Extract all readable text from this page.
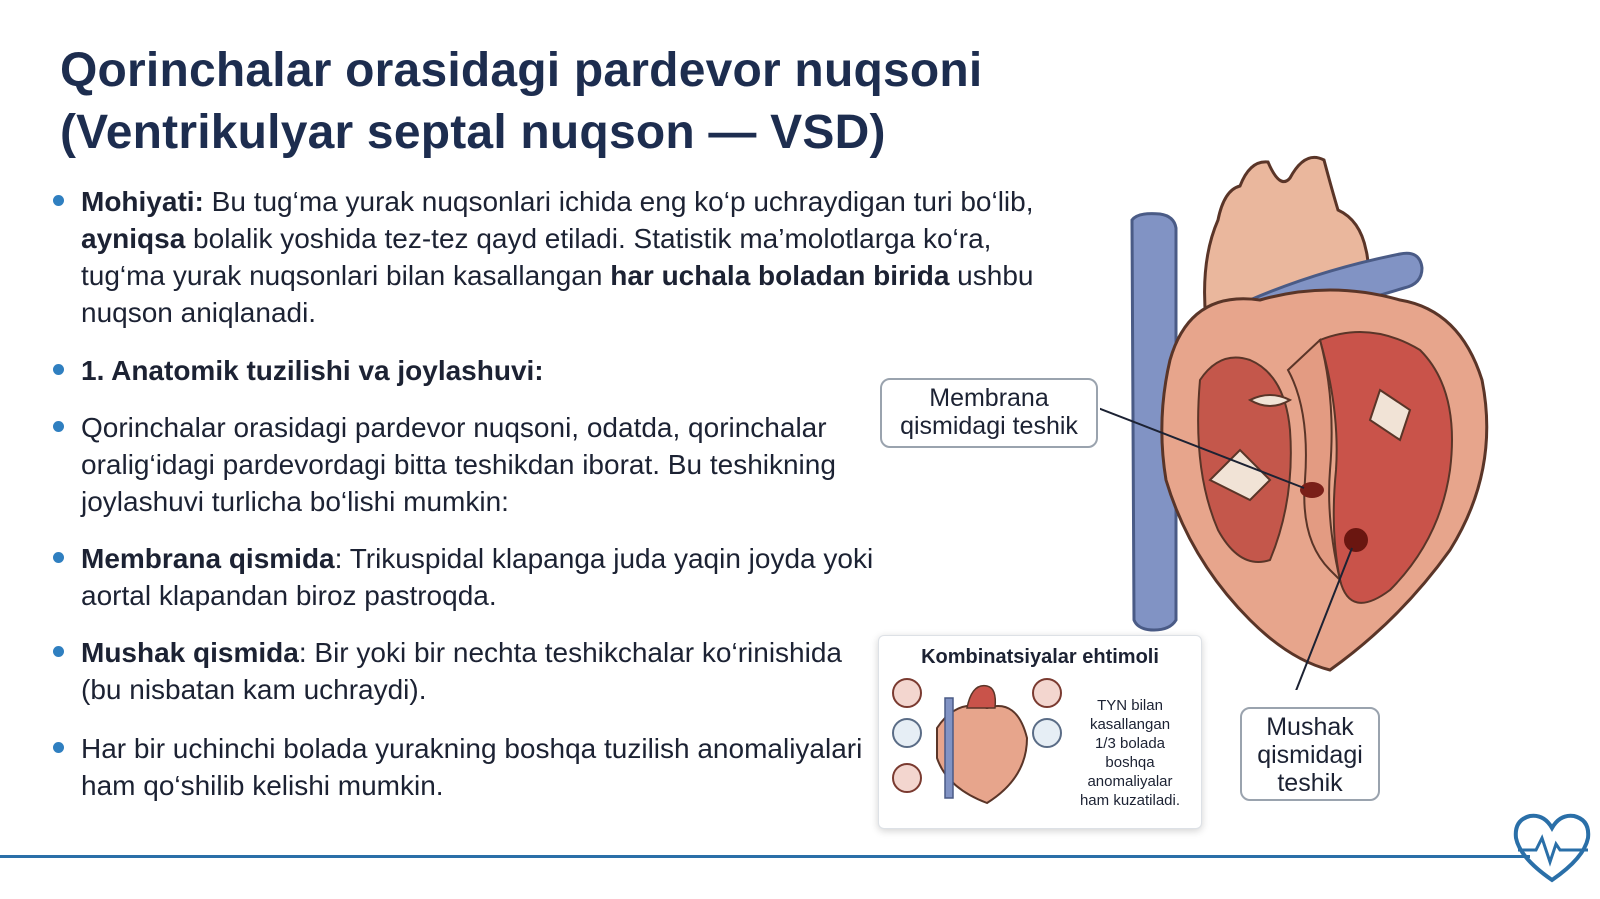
Qorinchalar orasidagi pardevor nuqsoni
(Ventrikulyar septal nuqson — VSD)
Mohiyati: Bu tug‘ma yurak nuqsonlari ichida eng ko‘p uchraydigan turi bo‘lib, ayniqsa bolalik yoshida tez-tez qayd etiladi. Statistik ma’molotlarga ko‘ra, tug‘ma yurak nuqsonlari bilan kasallangan har uchala boladan birida ushbu nuqson aniqlanadi.
1. Anatomik tuzilishi va joylashuvi:
Qorinchalar orasidagi pardevor nuqsoni, odatda, qorinchalar oralig‘idagi pardevordagi bitta teshikdan iborat. Bu teshikning joylashuvi turlicha bo‘lishi mumkin:
Membrana qismida: Trikuspidal klapanga juda yaqin joyda yoki aortal klapandan biroz pastroqda.
Mushak qismida: Bir yoki bir nechta teshikchalar ko‘rinishida (bu nisbatan kam uchraydi).
Har bir uchinchi bolada yurakning boshqa tuzilish anomaliyalari ham qo‘shilib kelishi mumkin.
Membrana
qismidagi teshik
Mushak
qismidagi
teshik
Kombinatsiyalar ehtimoli
TYN bilan
kasallangan
1/3 bolada
boshqa
anomaliyalar
ham kuzatiladi.
